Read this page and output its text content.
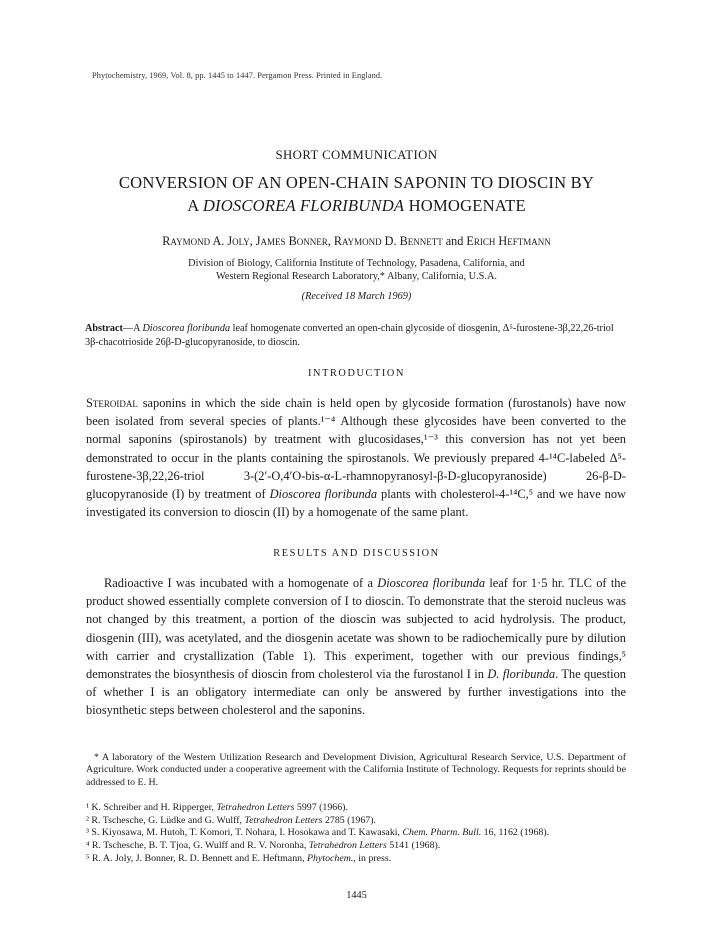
Phytochemistry, 1969, Vol. 8, pp. 1445 to 1447. Pergamon Press. Printed in England.
SHORT COMMUNICATION
CONVERSION OF AN OPEN-CHAIN SAPONIN TO DIOSCIN BY
A DIOSCOREA FLORIBUNDA HOMOGENATE
Raymond A. Joly, James Bonner, Raymond D. Bennett and Erich Heftmann
Division of Biology, California Institute of Technology, Pasadena, California, and
Western Regional Research Laboratory,* Albany, California, U.S.A.
(Received 18 March 1969)
Abstract—A Dioscorea floribunda leaf homogenate converted an open-chain glycoside of diosgenin, Δ⁵-furostene-3β,22,26-triol 3β-chacotrioside 26β-D-glucopyranoside, to dioscin.
INTRODUCTION
Steroidal saponins in which the side chain is held open by glycoside formation (furostanols) have now been isolated from several species of plants.¹⁻⁴ Although these glycosides have been converted to the normal saponins (spirostanols) by treatment with glucosidases,¹⁻³ this conversion has not yet been demonstrated to occur in the plants containing the spirostanols. We previously prepared 4-¹⁴C-labeled Δ⁵-furostene-3β,22,26-triol 3-(2′-O,4′O-bis-α-L-rhamnopyranosyl-β-D-glucopyranoside) 26-β-D-glucopyranoside (I) by treatment of Dioscorea floribunda plants with cholesterol-4-¹⁴C,⁵ and we have now investigated its conversion to dioscin (II) by a homogenate of the same plant.
RESULTS AND DISCUSSION
Radioactive I was incubated with a homogenate of a Dioscorea floribunda leaf for 1·5 hr. TLC of the product showed essentially complete conversion of I to dioscin. To demonstrate that the steroid nucleus was not changed by this treatment, a portion of the dioscin was subjected to acid hydrolysis. The product, diosgenin (III), was acetylated, and the diosgenin acetate was shown to be radiochemically pure by dilution with carrier and crystallization (Table 1). This experiment, together with our previous findings,⁵ demonstrates the biosynthesis of dioscin from cholesterol via the furostanol I in D. floribunda. The question of whether I is an obligatory intermediate can only be answered by further investigations into the biosynthetic steps between cholesterol and the saponins.

* A laboratory of the Western Utilization Research and Development Division, Agricultural Research Service, U.S. Department of Agriculture. Work conducted under a cooperative agreement with the California Institute of Technology. Requests for reprints should be addressed to E. H.

¹ K. Schreiber and H. Ripperger, Tetrahedron Letters 5997 (1966).

² R. Tschesche, G. Lüdke and G. Wulff, Tetrahedron Letters 2785 (1967).

³ S. Kiyosawa, M. Hutoh, T. Komori, T. Nohara, I. Hosokawa and T. Kawasaki, Chem. Pharm. Bull. 16, 1162 (1968).

⁴ R. Tschesche, B. T. Tjoa, G. Wulff and R. V. Noronha, Tetrahedron Letters 5141 (1968).

⁵ R. A. Joly, J. Bonner, R. D. Bennett and E. Heftmann, Phytochem., in press.

1445
